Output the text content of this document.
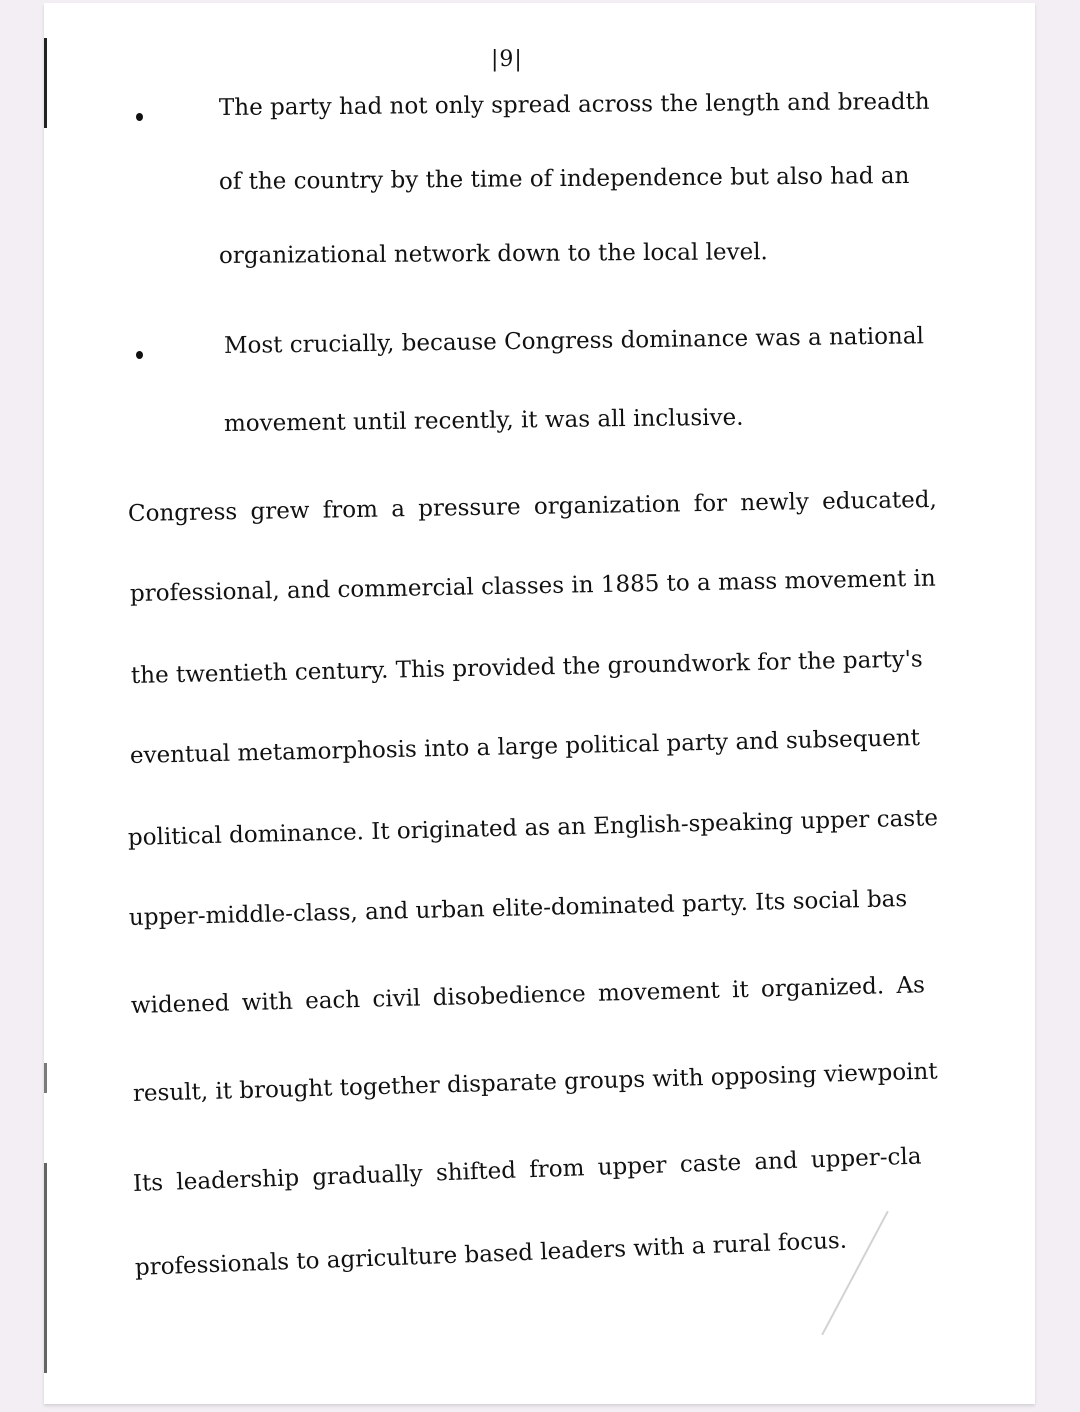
|9|
The party had not only spread across the length and breadth
of the country by the time of independence but also had an
organizational network down to the local level.
Most crucially, because Congress dominance was a national
movement until recently, it was all inclusive.
Congress grew from a pressure organization for newly educated,
professional, and commercial classes in 1885 to a mass movement in
the twentieth century. This provided the groundwork for the party's
eventual metamorphosis into a large political party and subsequent
political dominance. It originated as an English-speaking upper caste
upper-middle-class, and urban elite-dominated party. Its social bas
widened with each civil disobedience movement it organized. As
result, it brought together disparate groups with opposing viewpoint
Its leadership gradually shifted from upper caste and upper-cla
professionals to agriculture based leaders with a rural focus.
